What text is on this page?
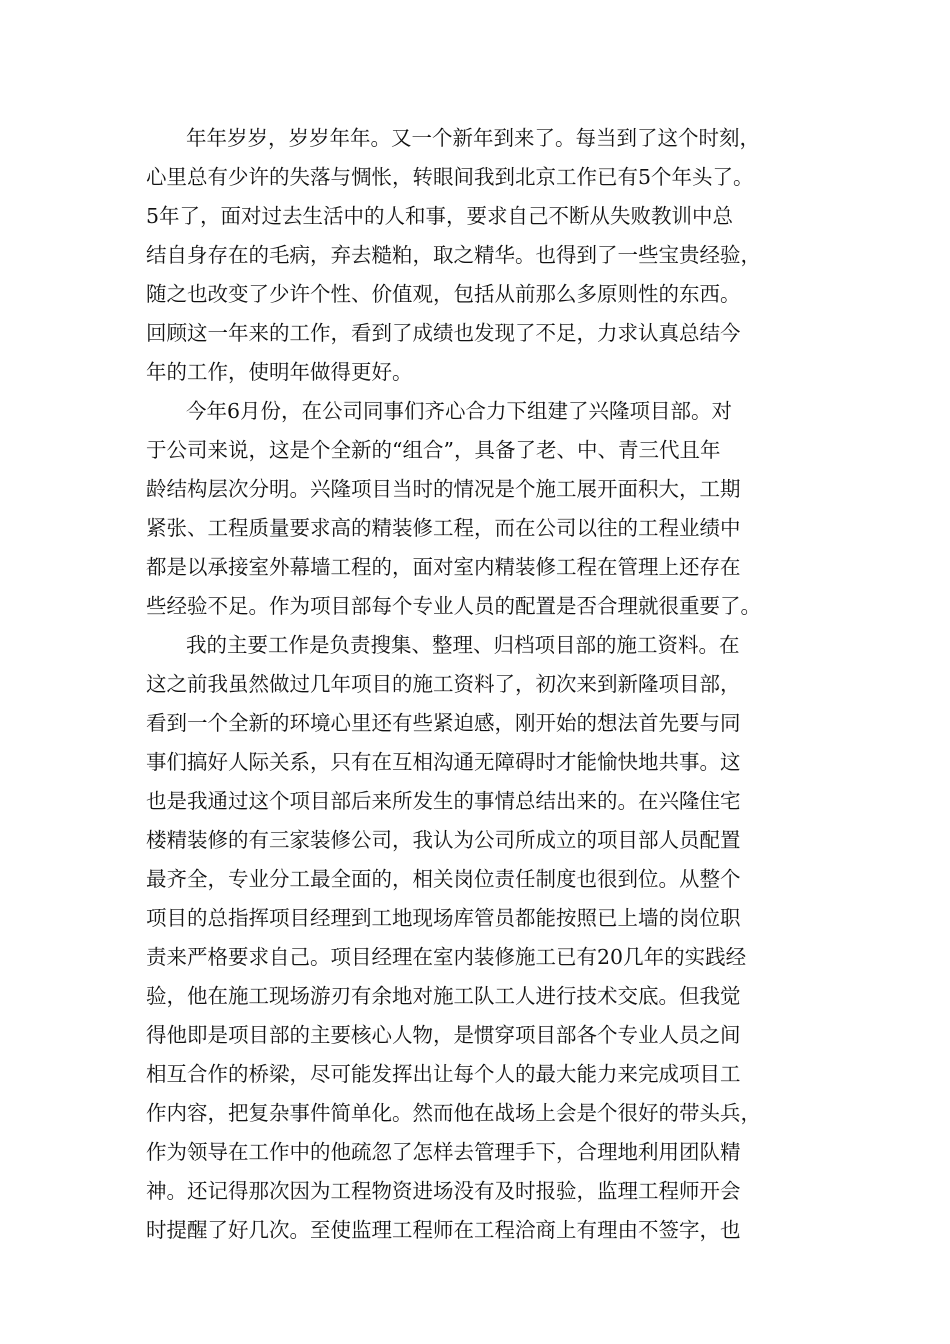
年年岁岁，岁岁年年。又一个新年到来了。每当到了这个时刻，
心里总有少许的失落与惆怅，转眼间我到北京工作已有5个年头了。
5年了，面对过去生活中的人和事，要求自己不断从失败教训中总
结自身存在的毛病，弃去糙粕，取之精华。也得到了一些宝贵经验，
随之也改变了少许个性、价值观，包括从前那么多原则性的东西。
回顾这一年来的工作，看到了成绩也发现了不足，力求认真总结今
年的工作，使明年做得更好。
今年6月份，在公司同事们齐心合力下组建了兴隆项目部。对
于公司来说，这是个全新的“组合”，具备了老、中、青三代且年
龄结构层次分明。兴隆项目当时的情况是个施工展开面积大，工期
紧张、工程质量要求高的精装修工程，而在公司以往的工程业绩中
都是以承接室外幕墙工程的，面对室内精装修工程在管理上还存在
些经验不足。作为项目部每个专业人员的配置是否合理就很重要了。
我的主要工作是负责搜集、整理、归档项目部的施工资料。在
这之前我虽然做过几年项目的施工资料了，初次来到新隆项目部，
看到一个全新的环境心里还有些紧迫感，刚开始的想法首先要与同
事们搞好人际关系，只有在互相沟通无障碍时才能愉快地共事。这
也是我通过这个项目部后来所发生的事情总结出来的。在兴隆住宅
楼精装修的有三家装修公司，我认为公司所成立的项目部人员配置
最齐全，专业分工最全面的，相关岗位责任制度也很到位。从整个
项目的总指挥项目经理到工地现场库管员都能按照已上墙的岗位职
责来严格要求自己。项目经理在室内装修施工已有20几年的实践经
验，他在施工现场游刃有余地对施工队工人进行技术交底。但我觉
得他即是项目部的主要核心人物，是惯穿项目部各个专业人员之间
相互合作的桥梁，尽可能发挥出让每个人的最大能力来完成项目工
作内容，把复杂事件简单化。然而他在战场上会是个很好的带头兵，
作为领导在工作中的他疏忽了怎样去管理手下，合理地利用团队精
神。还记得那次因为工程物资进场没有及时报验，监理工程师开会
时提醒了好几次。至使监理工程师在工程洽商上有理由不签字，也
